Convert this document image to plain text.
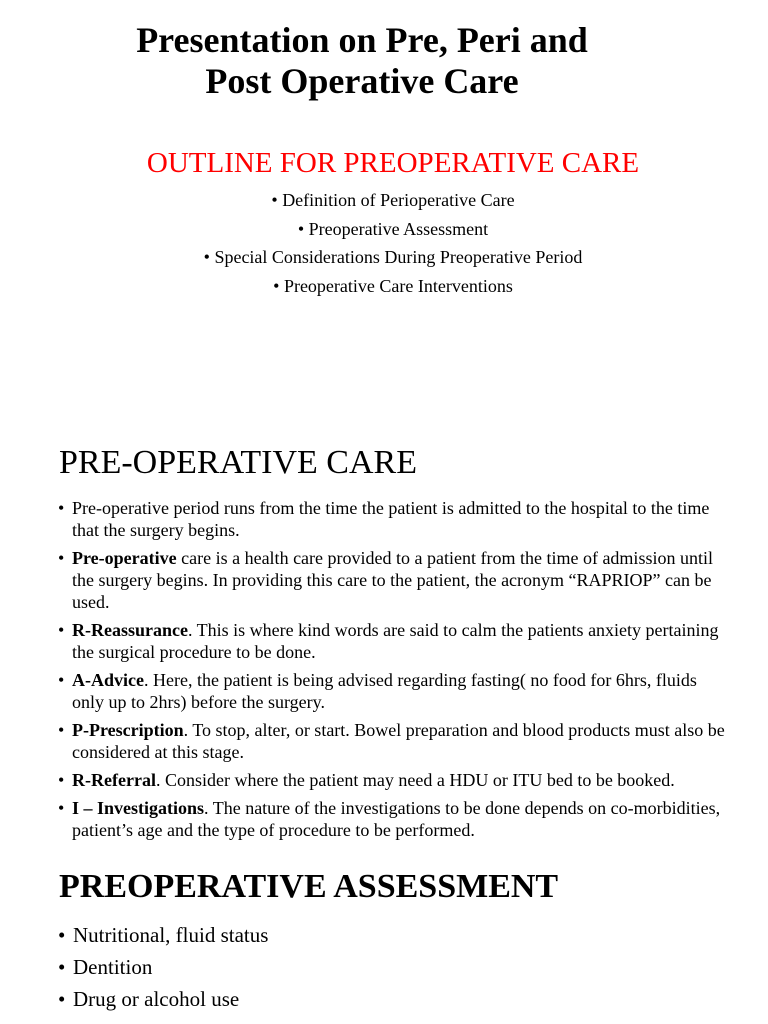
Presentation on Pre, Peri and
Post Operative Care
OUTLINE FOR PREOPERATIVE CARE
• Definition of Perioperative Care
• Preoperative Assessment
• Special Considerations During Preoperative Period
• Preoperative Care Interventions
PRE-OPERATIVE CARE
• Pre-operative period runs from the time the patient is admitted to the hospital to the time that the surgery begins.
• Pre-operative care is a health care provided to a patient from the time of admission until the surgery begins. In providing this care to the patient, the acronym “RAPRIOP” can be used.
• R-Reassurance. This is where kind words are said to calm the patients anxiety pertaining the surgical procedure to be done.
• A-Advice. Here, the patient is being advised regarding fasting( no food for 6hrs, fluids only up to 2hrs) before the surgery.
• P-Prescription. To stop, alter, or start. Bowel preparation and blood products must also be considered at this stage.
• R-Referral. Consider where the patient may need a HDU or ITU bed to be booked.
• I – Investigations. The nature of the investigations to be done depends on co-morbidities, patient’s age and the type of procedure to be performed.
PREOPERATIVE ASSESSMENT
• Nutritional, fluid status
• Dentition
• Drug or alcohol use
